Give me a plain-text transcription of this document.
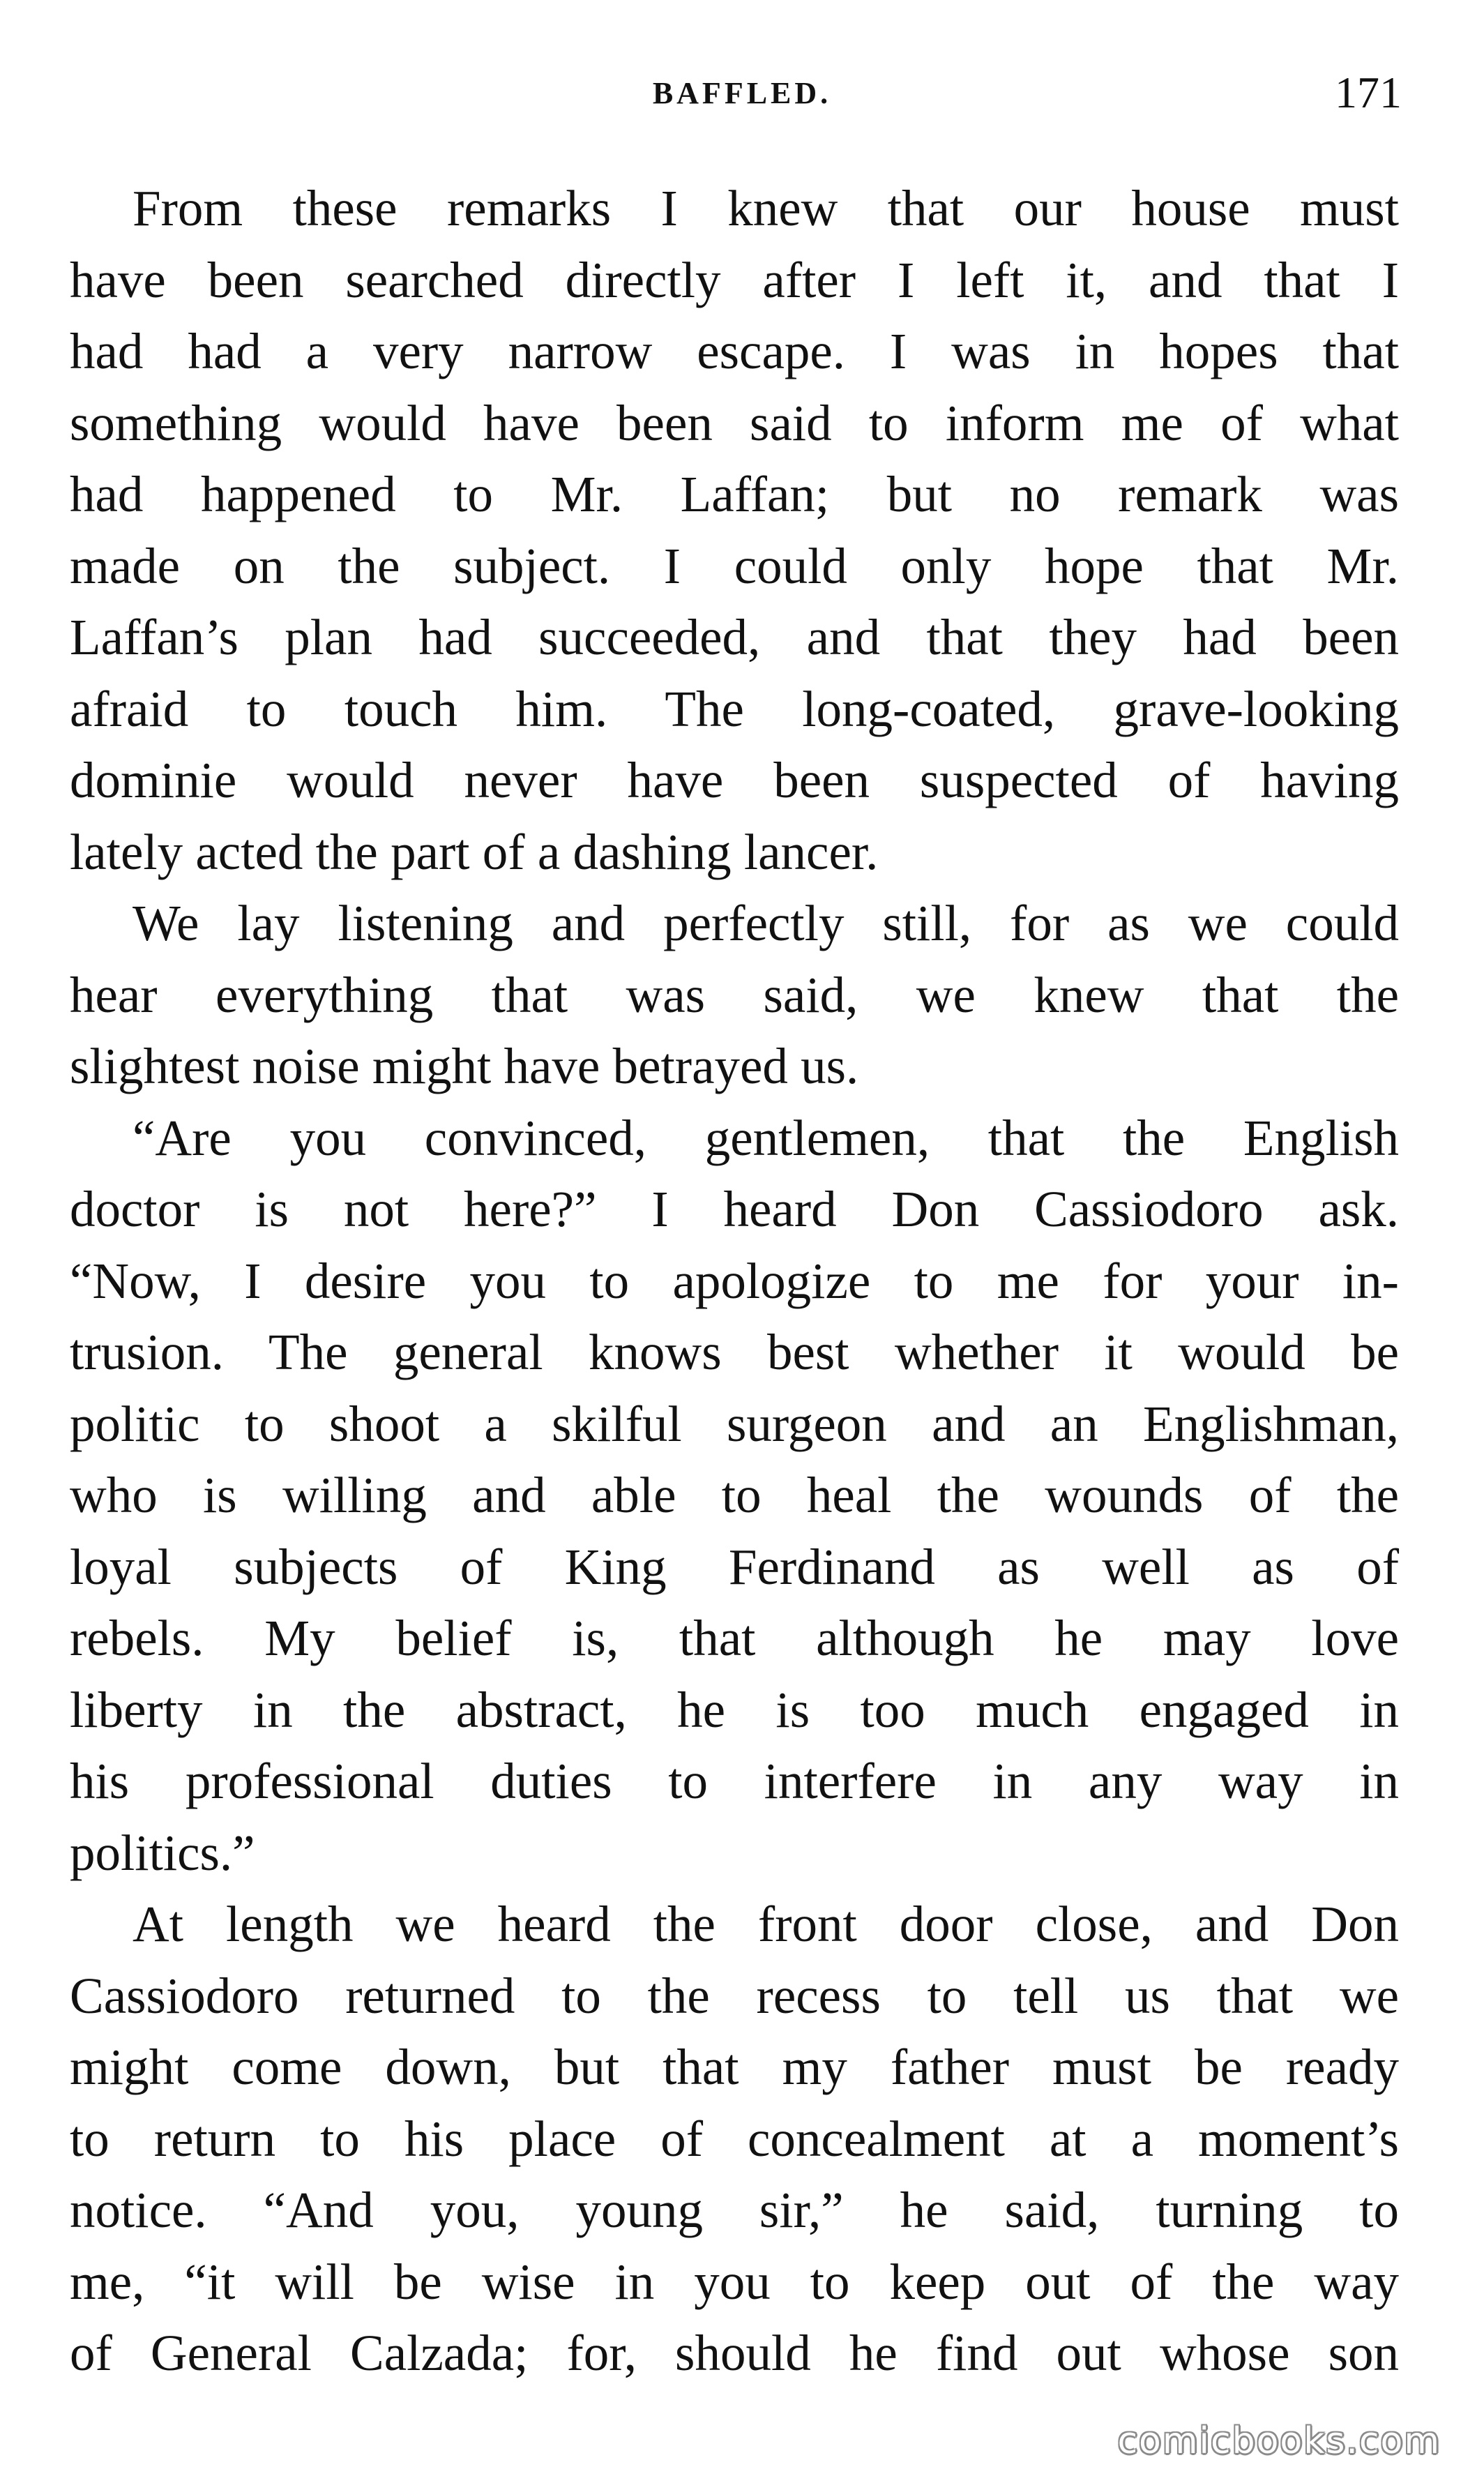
BAFFLED.	171
From these remarks I knew that our house must
have been searched directly after I left it, and that I
had had a very narrow escape. I was in hopes that
something would have been said to inform me of what
had happened to Mr. Laffan; but no remark was
made on the subject. I could only hope that Mr.
Laffan’s plan had succeeded, and that they had been
afraid to touch him. The long-coated, grave-looking
dominie would never have been suspected of having
lately acted the part of a dashing lancer.
We lay listening and perfectly still, for as we could
hear everything that was said, we knew that the
slightest noise might have betrayed us.
“Are you convinced, gentlemen, that the English
doctor is not here?” I heard Don Cassiodoro ask.
“Now, I desire you to apologize to me for your in-
trusion. The general knows best whether it would be
politic to shoot a skilful surgeon and an Englishman,
who is willing and able to heal the wounds of the
loyal subjects of King Ferdinand as well as of
rebels. My belief is, that although he may love
liberty in the abstract, he is too much engaged in
his professional duties to interfere in any way in
politics.”
At length we heard the front door close, and Don
Cassiodoro returned to the recess to tell us that we
might come down, but that my father must be ready
to return to his place of concealment at a moment’s
notice. “And you, young sir,” he said, turning to
me, “it will be wise in you to keep out of the way
of General Calzada; for, should he find out whose son
comicbooks.com
